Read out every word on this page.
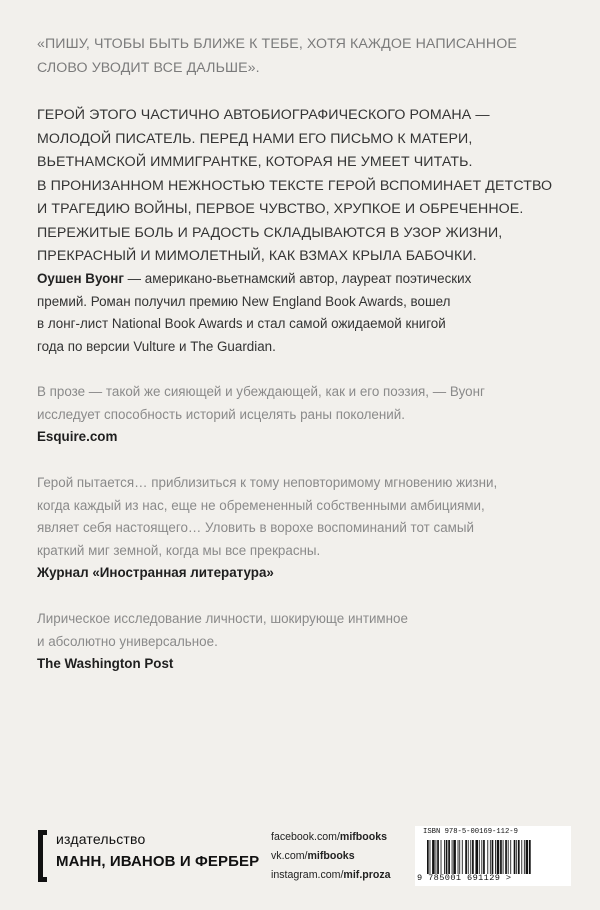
«ПИШУ, ЧТОБЫ БЫТЬ БЛИЖЕ К ТЕБЕ, ХОТЯ КАЖДОЕ НАПИСАННОЕ
СЛОВО УВОДИТ ВСЕ ДАЛЬШЕ».
ГЕРОЙ ЭТОГО ЧАСТИЧНО АВТОБИОГРАФИЧЕСКОГО РОМАНА —
МОЛОДОЙ ПИСАТЕЛЬ. ПЕРЕД НАМИ ЕГО ПИСЬМО К МАТЕРИ,
ВЬЕТНАМСКОЙ ИММИГРАНТКЕ, КОТОРАЯ НЕ УМЕЕТ ЧИТАТЬ.
В ПРОНИЗАННОМ НЕЖНОСТЬЮ ТЕКСТЕ ГЕРОЙ ВСПОМИНАЕТ ДЕТСТВО
И ТРАГЕДИЮ ВОЙНЫ, ПЕРВОЕ ЧУВСТВО, ХРУПКОЕ И ОБРЕЧЕННОЕ.
ПЕРЕЖИТЫЕ БОЛЬ И РАДОСТЬ СКЛАДЫВАЮТСЯ В УЗОР ЖИЗНИ,
ПРЕКРАСНЫЙ И МИМОЛЕТНЫЙ, КАК ВЗМАХ КРЫЛА БАБОЧКИ.
Оушен Вуонг — американо-вьетнамский автор, лауреат поэтических
премий. Роман получил премию New England Book Awards, вошел
в лонг-лист National Book Awards и стал самой ожидаемой книгой
года по версии Vulture и The Guardian.
В прозе — такой же сияющей и убеждающей, как и его поэзия, — Вуонг
исследует способность историй исцелять раны поколений.
Esquire.com
Герой пытается… приблизиться к тому неповторимому мгновению жизни,
когда каждый из нас, еще не обремененный собственными амбициями,
являет себя настоящего… Уловить в ворохе воспоминаний тот самый
краткий миг земной, когда мы все прекрасны.
Журнал «Иностранная литература»
Лирическое исследование личности, шокирующе интимное
и абсолютно универсальное.
The Washington Post
издательство
МАНН, ИВАНОВ И ФЕРБЕР
facebook.com/mifbooks
vk.com/mifbooks
instagram.com/mif.proza
ISBN 978-5-00169-112-9
9 785001 691129 >
